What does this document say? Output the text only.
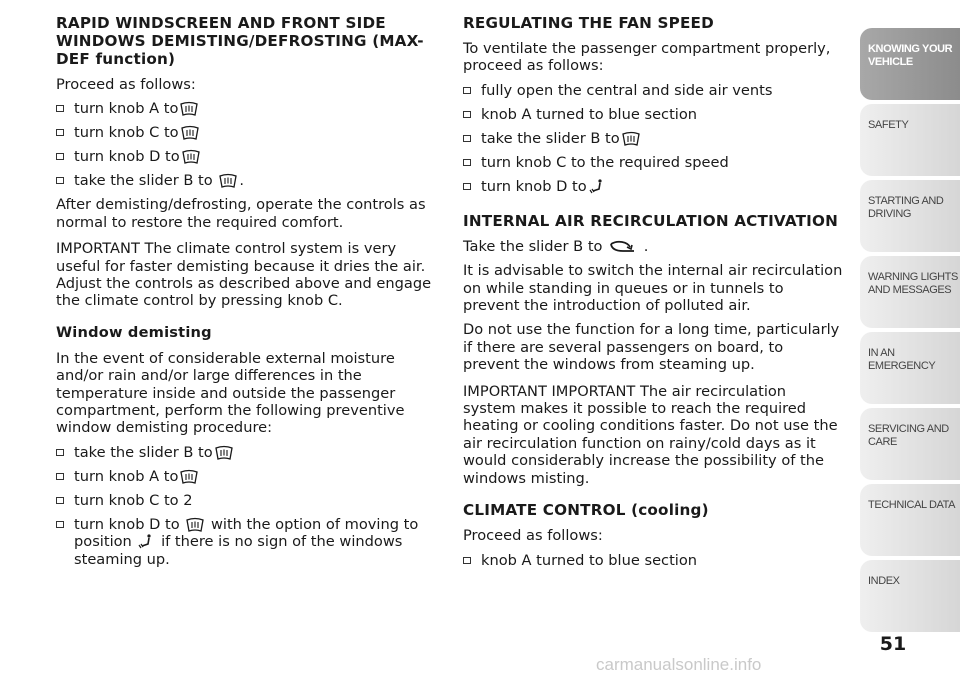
RAPID WINDSCREEN AND FRONT SIDE WINDOWS DEMISTING/DEFROSTING (MAX-DEF function)

Proceed as follows:

turn knob A to
turn knob C to
turn knob D to
take the slider B to .

After demisting/defrosting, operate the controls as normal to restore the required comfort.

IMPORTANT The climate control system is very useful for faster demisting because it dries the air. Adjust the controls as described above and engage the climate control by pressing knob C.

Window demisting

In the event of considerable external moisture and/or rain and/or large differences in the temperature inside and outside the passenger compartment, perform the following preventive window demisting procedure:

take the slider B to
turn knob A to
turn knob C to 2
turn knob D to with the option of moving to position if there is no sign of the windows steaming up.
REGULATING THE FAN SPEED

To ventilate the passenger compartment properly, proceed as follows:

fully open the central and side air vents
knob A turned to blue section
take the slider B to
turn knob C to the required speed
turn knob D to
INTERNAL AIR RECIRCULATION ACTIVATION

Take the slider B to	.

It is advisable to switch the internal air recirculation on while standing in queues or in tunnels to prevent the introduction of polluted air.

Do not use the function for a long time, particularly if there are several passengers on board, to prevent the windows from steaming up.

IMPORTANT IMPORTANT The air recirculation system makes it possible to reach the required heating or cooling conditions faster. Do not use the air recirculation function on rainy/cold days as it would considerably increase the possibility of the windows misting.

CLIMATE CONTROL (cooling)

Proceed as follows:

knob A turned to blue section
KNOWING YOUR VEHICLE
SAFETY
STARTING AND DRIVING
WARNING LIGHTS AND MESSAGES
IN AN EMERGENCY
SERVICING AND CARE
TECHNICAL DATA
INDEX
51
carmanualsonline.info
